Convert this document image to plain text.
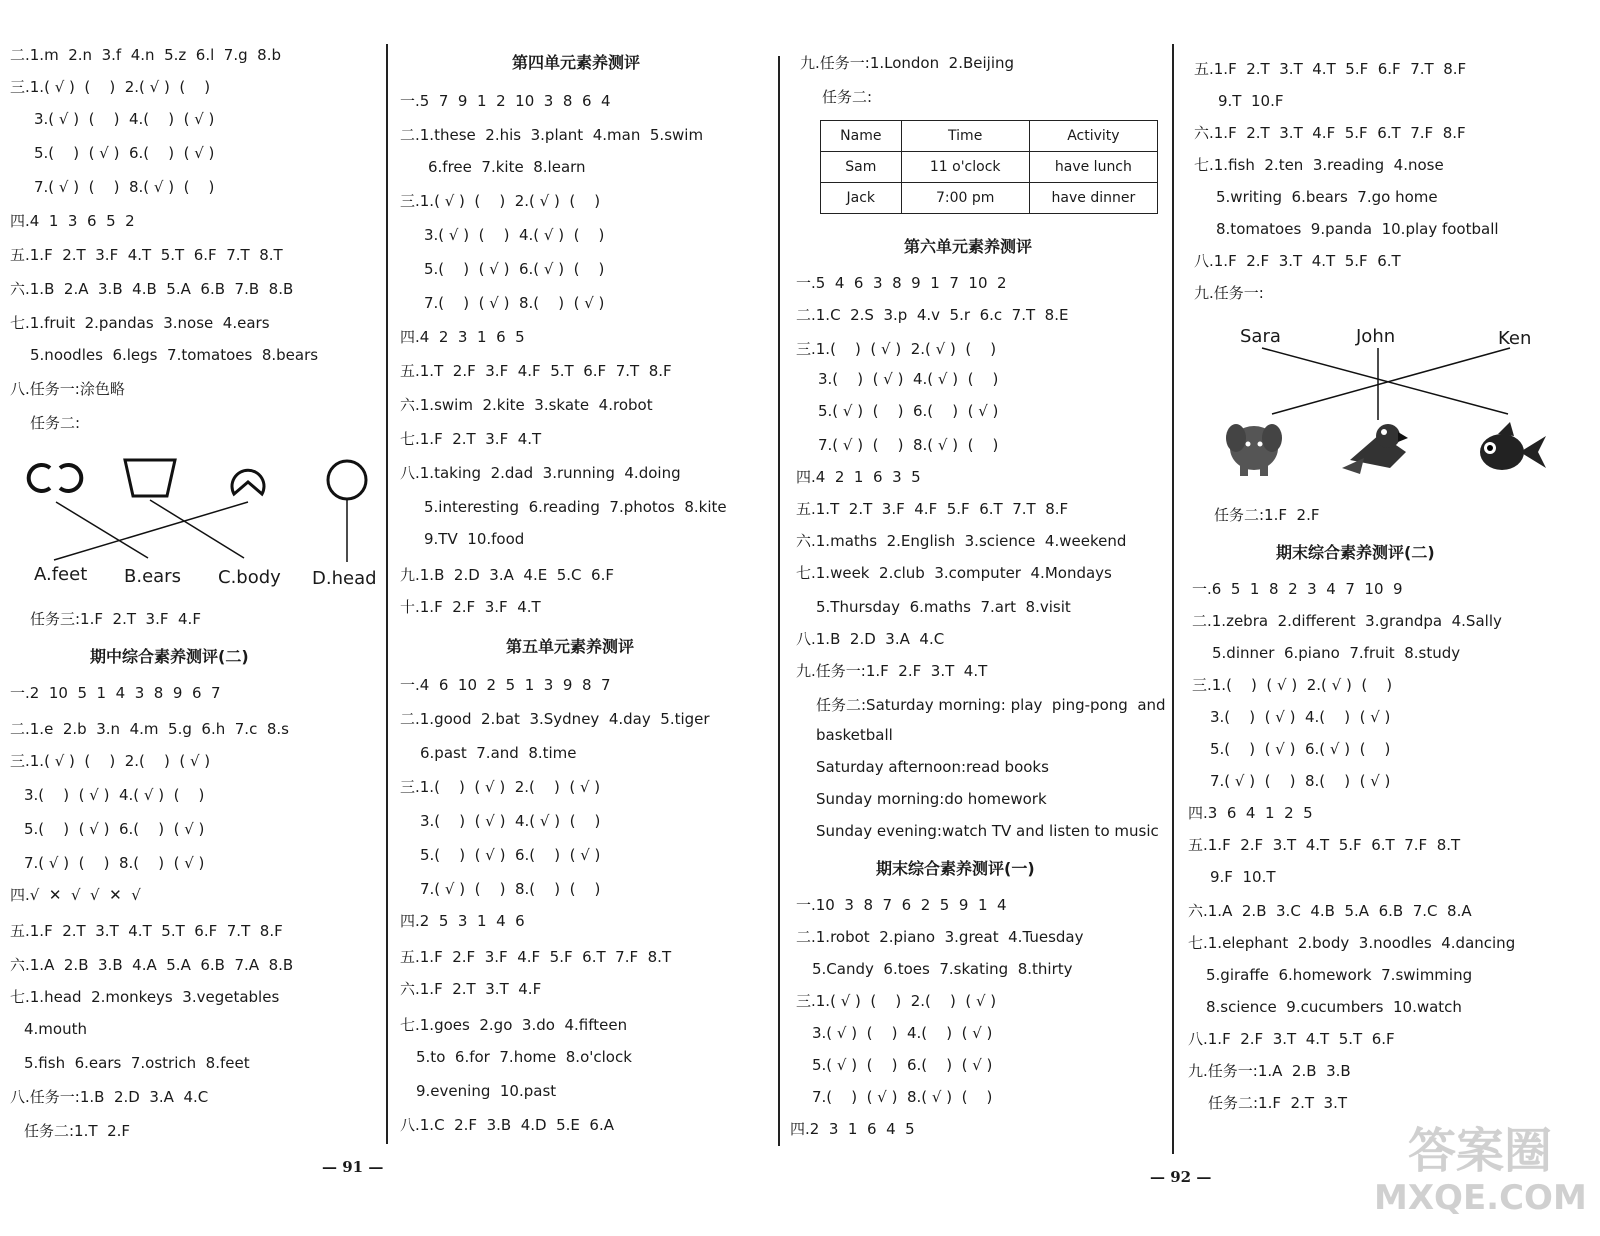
二.1.m  2.n  3.f  4.n  5.z  6.l  7.g  8.b
三.1.( √ )  (    )  2.( √ )  (    )
3.( √ )  (    )  4.(    )  ( √ )
5.(    )  ( √ )  6.(    )  ( √ )
7.( √ )  (    )  8.( √ )  (    )
四.4  1  3  6  5  2
五.1.F  2.T  3.F  4.T  5.T  6.F  7.T  8.T
六.1.B  2.A  3.B  4.B  5.A  6.B  7.B  8.B
七.1.fruit  2.pandas  3.nose  4.ears
5.noodles  6.legs  7.tomatoes  8.bears
八.任务一:涂色略
任务二:
A.feet B.ears C.body D.head
任务三:1.F  2.T  3.F  4.F
期中综合素养测评(二)
一.2  10  5  1  4  3  8  9  6  7
二.1.e  2.b  3.n  4.m  5.g  6.h  7.c  8.s
三.1.( √ )  (    )  2.(    )  ( √ )
3.(    )  ( √ )  4.( √ )  (    )
5.(    )  ( √ )  6.(    )  ( √ )
7.( √ )  (    )  8.(    )  ( √ )
四.√  ✕  √  √  ✕  √
五.1.F  2.T  3.T  4.T  5.T  6.F  7.T  8.F
六.1.A  2.B  3.B  4.A  5.A  6.B  7.A  8.B
七.1.head  2.monkeys  3.vegetables
4.mouth
5.fish  6.ears  7.ostrich  8.feet
八.任务一:1.B  2.D  3.A  4.C
任务二:1.T  2.F
第四单元素养测评
一.5  7  9  1  2  10  3  8  6  4
二.1.these  2.his  3.plant  4.man  5.swim
6.free  7.kite  8.learn
三.1.( √ )  (    )  2.( √ )  (    )
3.( √ )  (    )  4.( √ )  (    )
5.(    )  ( √ )  6.( √ )  (    )
7.(    )  ( √ )  8.(    )  ( √ )
四.4  2  3  1  6  5
五.1.T  2.F  3.F  4.F  5.T  6.F  7.T  8.F
六.1.swim  2.kite  3.skate  4.robot
七.1.F  2.T  3.F  4.T
八.1.taking  2.dad  3.running  4.doing
5.interesting  6.reading  7.photos  8.kite
9.TV  10.food
九.1.B  2.D  3.A  4.E  5.C  6.F
十.1.F  2.F  3.F  4.T
第五单元素养测评
一.4  6  10  2  5  1  3  9  8  7
二.1.good  2.bat  3.Sydney  4.day  5.tiger
6.past  7.and  8.time
三.1.(    )  ( √ )  2.(    )  ( √ )
3.(    )  ( √ )  4.( √ )  (    )
5.(    )  ( √ )  6.(    )  ( √ )
7.( √ )  (    )  8.(    )  (    )
四.2  5  3  1  4  6
五.1.F  2.F  3.F  4.F  5.F  6.T  7.F  8.T
六.1.F  2.T  3.T  4.F
七.1.goes  2.go  3.do  4.fifteen
5.to  6.for  7.home  8.o'clock
9.evening  10.past
八.1.C  2.F  3.B  4.D  5.E  6.A
— 91 —
九.任务一:1.London  2.Beijing
任务二:
Name	Time	Activity
Sam	11 o'clock	have lunch
Jack	7:00 pm	have dinner
第六单元素养测评
一.5  4  6  3  8  9  1  7  10  2
二.1.C  2.S  3.p  4.v  5.r  6.c  7.T  8.E
三.1.(    )  ( √ )  2.( √ )  (    )
3.(    )  ( √ )  4.( √ )  (    )
5.( √ )  (    )  6.(    )  ( √ )
7.( √ )  (    )  8.( √ )  (    )
四.4  2  1  6  3  5
五.1.T  2.T  3.F  4.F  5.F  6.T  7.T  8.F
六.1.maths  2.English  3.science  4.weekend
七.1.week  2.club  3.computer  4.Mondays
5.Thursday  6.maths  7.art  8.visit
八.1.B  2.D  3.A  4.C
九.任务一:1.F  2.F  3.T  4.T
任务二:Saturday morning: play  ping-pong  and
basketball
Saturday afternoon:read books
Sunday morning:do homework
Sunday evening:watch TV and listen to music
期末综合素养测评(一)
一.10  3  8  7  6  2  5  9  1  4
二.1.robot  2.piano  3.great  4.Tuesday
5.Candy  6.toes  7.skating  8.thirty
三.1.( √ )  (    )  2.(    )  ( √ )
3.( √ )  (    )  4.(    )  ( √ )
5.( √ )  (    )  6.(    )  ( √ )
7.(    )  ( √ )  8.( √ )  (    )
四.2  3  1  6  4  5
五.1.F  2.T  3.T  4.T  5.F  6.F  7.T  8.F
9.T  10.F
六.1.F  2.T  3.T  4.F  5.F  6.T  7.F  8.F
七.1.fish  2.ten  3.reading  4.nose
5.writing  6.bears  7.go home
8.tomatoes  9.panda  10.play football
八.1.F  2.F  3.T  4.T  5.F  6.T
九.任务一:
Sara	John	Ken
任务二:1.F  2.F
期末综合素养测评(二)
一.6  5  1  8  2  3  4  7  10  9
二.1.zebra  2.different  3.grandpa  4.Sally
5.dinner  6.piano  7.fruit  8.study
三.1.(    )  ( √ )  2.( √ )  (    )
3.(    )  ( √ )  4.(    )  ( √ )
5.(    )  ( √ )  6.( √ )  (    )
7.( √ )  (    )  8.(    )  ( √ )
四.3  6  4  1  2  5
五.1.F  2.F  3.T  4.T  5.F  6.T  7.F  8.T
9.F  10.T
六.1.A  2.B  3.C  4.B  5.A  6.B  7.C  8.A
七.1.elephant  2.body  3.noodles  4.dancing
5.giraffe  6.homework  7.swimming
8.science  9.cucumbers  10.watch
八.1.F  2.F  3.T  4.T  5.T  6.F
九.任务一:1.A  2.B  3.B
任务二:1.F  2.T  3.T
— 92 —	答案圈
MXQE.COM
